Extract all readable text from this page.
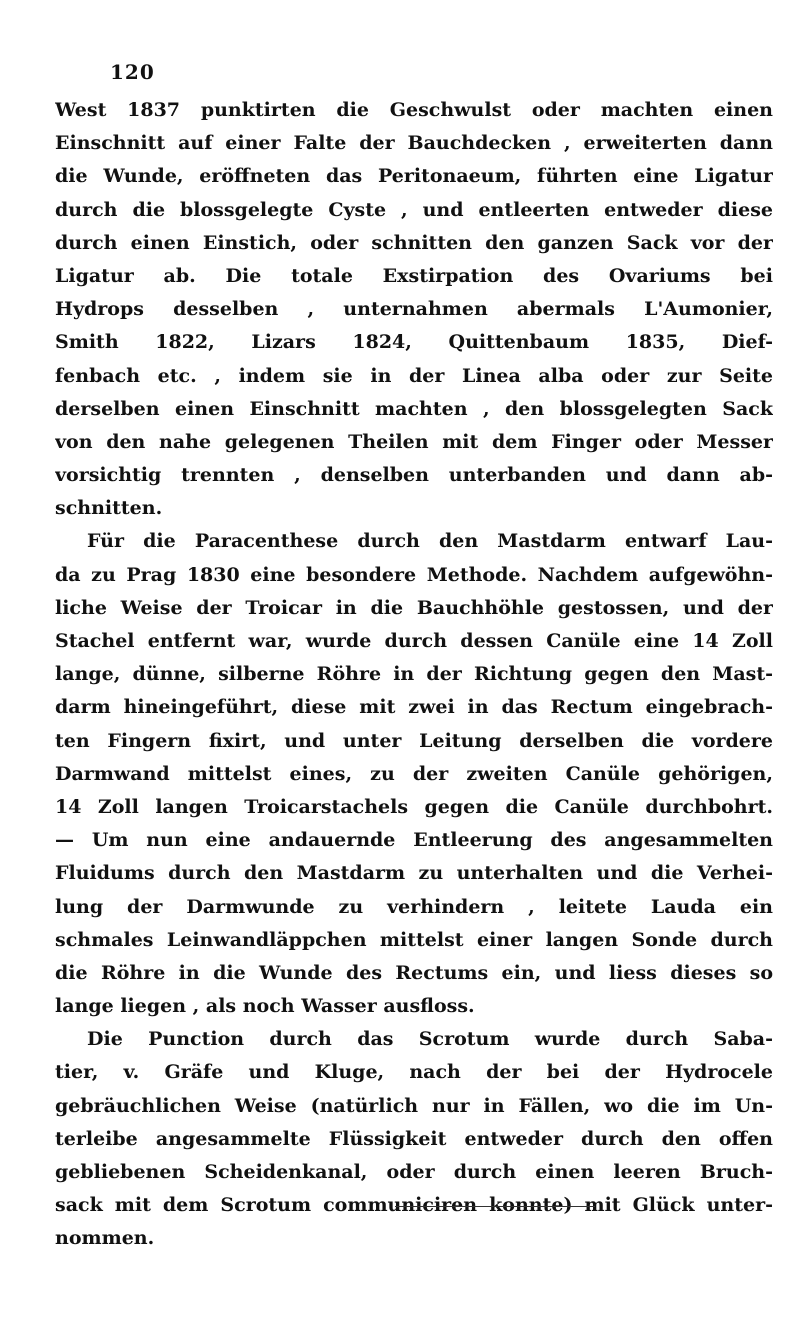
120
West 1837 punktirten die Geschwulst oder machten einen
Einschnitt auf einer Falte der Bauchdecken , erweiterten dann
die Wunde, eröffneten das Peritonaeum, führten eine Ligatur
durch die blossgelegte Cyste , und entleerten entweder diese
durch einen Einstich, oder schnitten den ganzen Sack vor der
Ligatur ab. Die totale Exstirpation des Ovariums bei
Hydrops desselben , unternahmen abermals L'Aumonier,
Smith 1822, Lizars 1824, Quittenbaum 1835, Dief-
fenbach etc. , indem sie in der Linea alba oder zur Seite
derselben einen Einschnitt machten , den blossgelegten Sack
von den nahe gelegenen Theilen mit dem Finger oder Messer
vorsichtig trennten , denselben unterbanden und dann ab-
schnitten.
Für die Paracenthese durch den Mastdarm entwarf Lau-
da zu Prag 1830 eine besondere Methode. Nachdem aufgewöhn-
liche Weise der Troicar in die Bauchhöhle gestossen, und der
Stachel entfernt war, wurde durch dessen Canüle eine 14 Zoll
lange, dünne, silberne Röhre in der Richtung gegen den Mast-
darm hineingeführt, diese mit zwei in das Rectum eingebrach-
ten Fingern fixirt, und unter Leitung derselben die vordere
Darmwand mittelst eines, zu der zweiten Canüle gehörigen,
14 Zoll langen Troicarstachels gegen die Canüle durchbohrt.
— Um nun eine andauernde Entleerung des angesammelten
Fluidums durch den Mastdarm zu unterhalten und die Verhei-
lung der Darmwunde zu verhindern , leitete Lauda ein
schmales Leinwandläppchen mittelst einer langen Sonde durch
die Röhre in die Wunde des Rectums ein, und liess dieses so
lange liegen , als noch Wasser ausfloss.
Die Punction durch das Scrotum wurde durch Saba-
tier, v. Gräfe und Kluge, nach der bei der Hydrocele
gebräuchlichen Weise (natürlich nur in Fällen, wo die im Un-
terleibe angesammelte Flüssigkeit entweder durch den offen
gebliebenen Scheidenkanal, oder durch einen leeren Bruch-
sack mit dem Scrotum communiciren konnte) mit Glück unter-
nommen.
